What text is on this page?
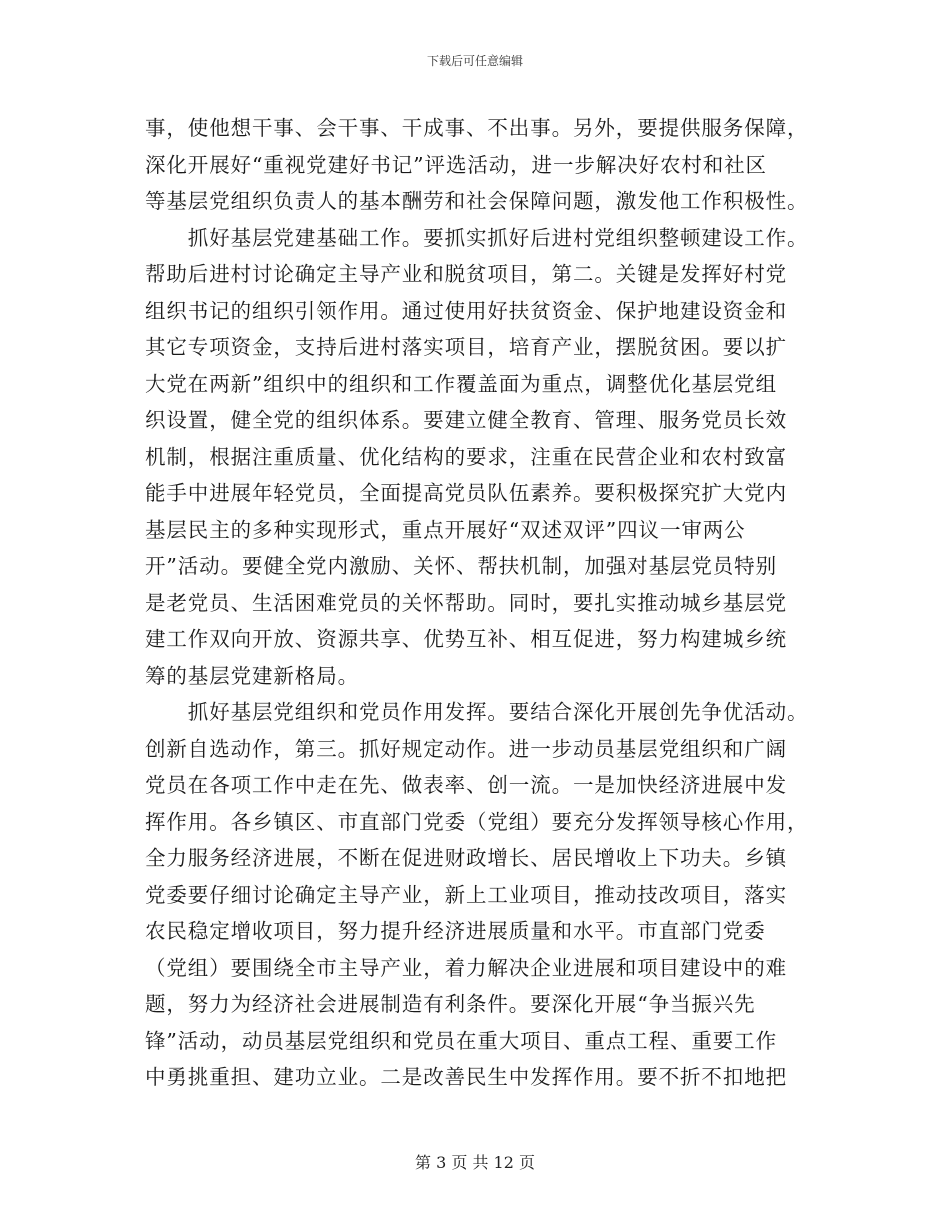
下载后可任意编辑
事，使他想干事、会干事、干成事、不出事。另外，要提供服务保障，
深化开展好“重视党建好书记”评选活动，进一步解决好农村和社区
等基层党组织负责人的基本酬劳和社会保障问题，激发他工作积极性。
　　抓好基层党建基础工作。要抓实抓好后进村党组织整顿建设工作。
帮助后进村讨论确定主导产业和脱贫项目，第二。关键是发挥好村党
组织书记的组织引领作用。通过使用好扶贫资金、保护地建设资金和
其它专项资金，支持后进村落实项目，培育产业，摆脱贫困。要以扩
大党在两新”组织中的组织和工作覆盖面为重点，调整优化基层党组
织设置，健全党的组织体系。要建立健全教育、管理、服务党员长效
机制，根据注重质量、优化结构的要求，注重在民营企业和农村致富
能手中进展年轻党员，全面提高党员队伍素养。要积极探究扩大党内
基层民主的多种实现形式，重点开展好“双述双评”四议一审两公
开”活动。要健全党内激励、关怀、帮扶机制，加强对基层党员特别
是老党员、生活困难党员的关怀帮助。同时，要扎实推动城乡基层党
建工作双向开放、资源共享、优势互补、相互促进，努力构建城乡统
筹的基层党建新格局。
　　抓好基层党组织和党员作用发挥。要结合深化开展创先争优活动。
创新自选动作，第三。抓好规定动作。进一步动员基层党组织和广阔
党员在各项工作中走在先、做表率、创一流。一是加快经济进展中发
挥作用。各乡镇区、市直部门党委（党组）要充分发挥领导核心作用，
全力服务经济进展，不断在促进财政增长、居民增收上下功夫。乡镇
党委要仔细讨论确定主导产业，新上工业项目，推动技改项目，落实
农民稳定增收项目，努力提升经济进展质量和水平。市直部门党委
（党组）要围绕全市主导产业，着力解决企业进展和项目建设中的难
题，努力为经济社会进展制造有利条件。要深化开展“争当振兴先
锋”活动，动员基层党组织和党员在重大项目、重点工程、重要工作
中勇挑重担、建功立业。二是改善民生中发挥作用。要不折不扣地把
第 3 页 共 12 页
